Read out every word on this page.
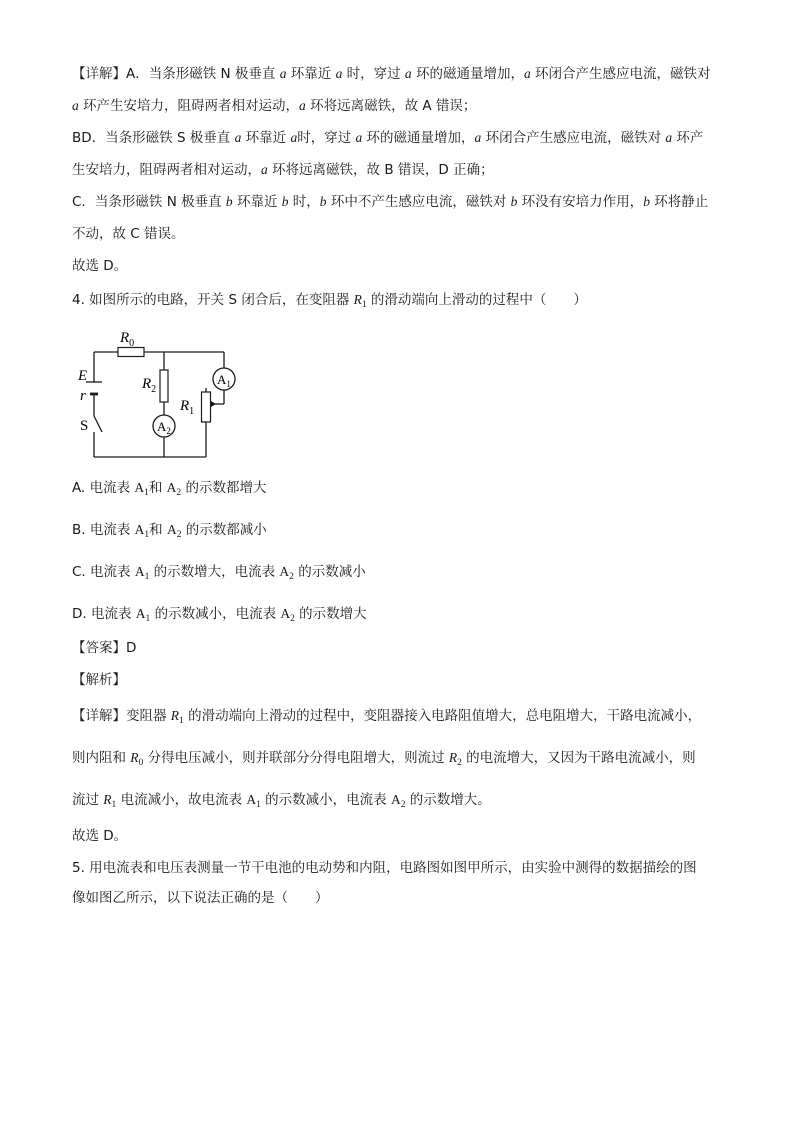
【详解】A．当条形磁铁 N 极垂直 a 环靠近 a 时，穿过 a 环的磁通量增加，a 环闭合产生感应电流，磁铁对
a 环产生安培力，阻碍两者相对运动，a 环将远离磁铁，故 A 错误；
BD．当条形磁铁 S 极垂直 a 环靠近 a时，穿过 a 环的磁通量增加，a 环闭合产生感应电流，磁铁对 a 环产
生安培力，阻碍两者相对运动，a 环将远离磁铁，故 B 错误，D 正确；
C．当条形磁铁 N 极垂直 b 环靠近 b 时，b 环中不产生感应电流，磁铁对 b 环没有安培力作用，b 环将静止
不动，故 C 错误。
故选 D。
4. 如图所示的电路，开关 S 闭合后，在变阻器 $R_1$ 的滑动端向上滑动的过程中（　　）
$R_0$
E
r
S
$R_2$
$R_1$
$A_1$
$A_2$
A. 电流表 $A_1$和 $A_2$ 的示数都增大
B. 电流表 $A_1$和 $A_2$ 的示数都减小
C. 电流表 $A_1$ 的示数增大，电流表 $A_2$ 的示数减小
D. 电流表 $A_1$ 的示数减小，电流表 $A_2$ 的示数增大
【答案】D
【解析】
【详解】变阻器 $R_1$ 的滑动端向上滑动的过程中，变阻器接入电路阻值增大，总电阻增大，干路电流减小，
则内阻和 $R_0$ 分得电压减小，则并联部分分得电阻增大，则流过 $R_2$ 的电流增大，又因为干路电流减小，则
流过 $R_1$ 电流减小，故电流表 $A_1$ 的示数减小，电流表 $A_2$ 的示数增大。
故选 D。
5. 用电流表和电压表测量一节干电池的电动势和内阻，电路图如图甲所示，由实验中测得的数据描绘的图
像如图乙所示，以下说法正确的是（　　）
